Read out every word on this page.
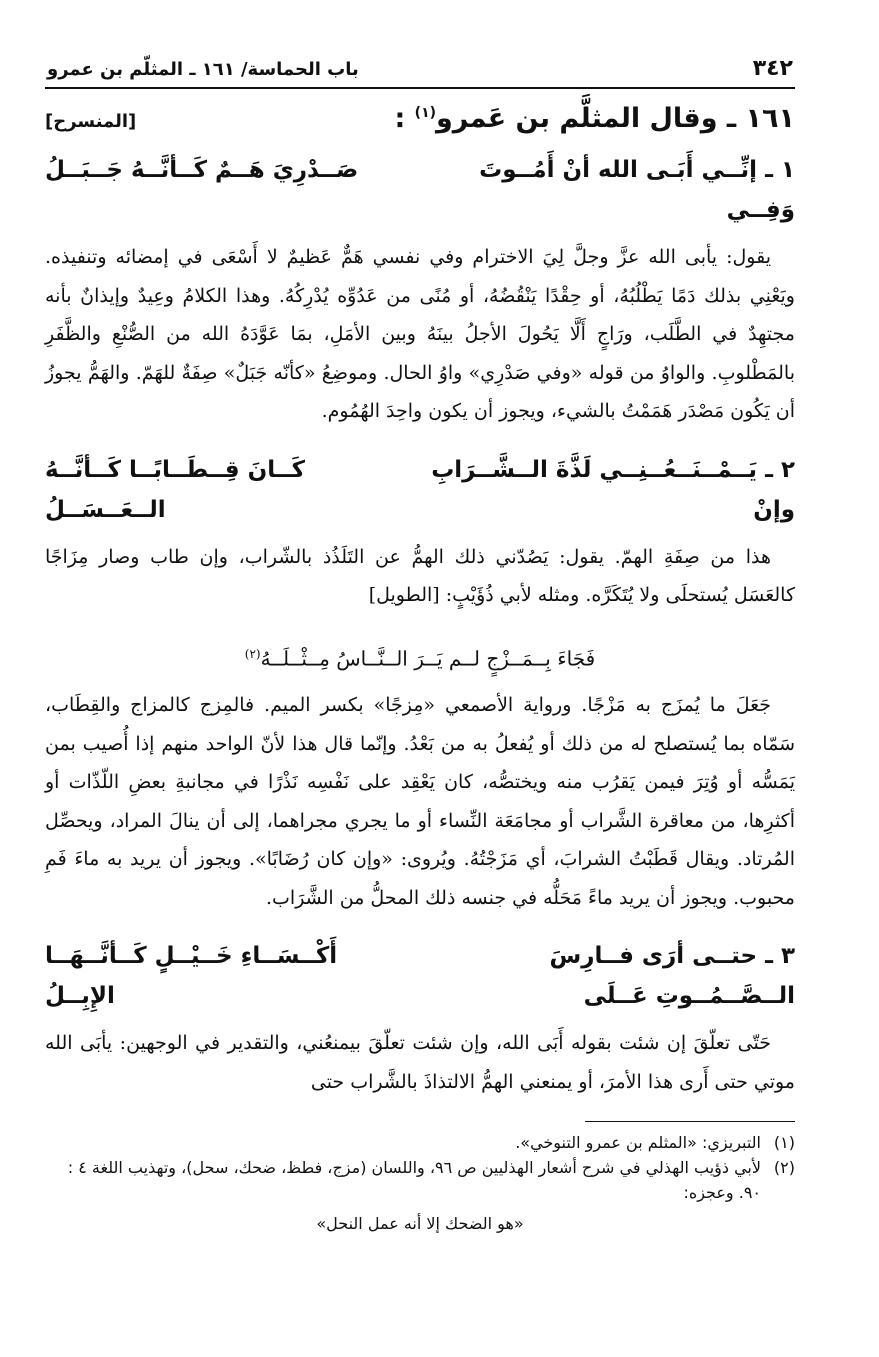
٣٤٢
باب الحماسة/ ١٦١ ـ المثلّم بن عمرو
١٦١ ـ وقال المثلَّم بن عَمرو$^{(١)}$ :
[المنسرح]
١ ـ إنِّــي أَبَـى الله أنْ أَمُــوتَ وَفِــي
صَــدْرِيَ هَــمٌ كَــأنَّــهُ جَــبَــلُ

يقول: يأبى الله عزَّ وجلَّ لِيَ الاخترام وفي نفسي هَمٌّ عَظيمٌ لا أَسْعَى في إمضائه وتنفيذه. ويَعْنِي بذلك دَمًا يَطْلُبُهُ، أو حِقْدًا يَنْقُضُهُ، أو مُنًى من عَدُوِّه يُدْرِكُهُ. وهذا الكلامُ وعِيدٌ وإيذانٌ بأنه مجتهِدٌ في الطَّلَب، ورَاجٍ أَلَّا يَحُولَ الأجلُ بينَهُ وبين الأمَلِ، بمَا عَوَّدَهُ الله من الصُّنْعِ والظَّفَرِ بالمَطْلوبِ. والواوُ من قوله «وفي صَدْرِي» واوُ الحال. وموضِعُ «كأنّه جَبَلٌ» صِفَةٌ للهَمّ. والهَمُّ يجوزُ أن يَكُون مَصْدَر هَمَمْتُ بالشيء، ويجوز أن يكون واحِدَ الهُمُوم.

٢ ـ يَــمْــنَــعُــنِــي لَذَّةَ الــشَّــرَابِ وإنْ
كَــانَ قِــطَــابًــا كَــأنَّــهُ الــعَــسَــلُ

هذا من صِفَةِ الهمّ. يقول: يَصُدّني ذلك الهمُّ عن التَلَذُذ بالشّراب، وإن طاب وصار مِزَاجًا كالعَسَل يُستحلَى ولا يُتَكَرَّه. ومثله لأبي ذُؤَيْبٍ: [الطويل]

فَجَاءَ بِــمَــزْجٍ لــم يَــرَ الــنَّــاسُ مِــثْــلَــهُ$^{(٢)}$

جَعَلَ ما يُمزَج به مَزْجًا. ورواية الأصمعي «مِزجًا» بكسر الميم. فالمِزج كالمزاج والقِطَاب، سَمّاه بما يُستصلح له من ذلك أو يُفعلُ به من بَعْدُ. وإنّما قال هذا لأنّ الواحد منهم إذا أُصيب بمن يَمَسُّه أو وُتِرَ فيمن يَقرُب منه ويختصُّه، كان يَعْقِد على نَفْسِه نَذْرًا في مجانبةِ بعضِ اللّذّات أو أكثرِها، من معاقرة الشَّراب أو مجامَعَة النِّساء أو ما يجري مجراهما، إلى أن ينالَ المراد، ويحصِّل المُرتاد. ويقال قَطَبْتُ الشرابَ، أي مَزَجْتُهُ. ويُروى: «وإن كان رُضَابًا». ويجوز أن يريد به ماءَ فَمِ محبوب. ويجوز أن يريد ماءً مَحَلُّه في جنسه ذلك المحلُّ من الشَّرَاب.

٣ ـ حتــى أرَى فــارِسَ الــصَّــمُــوتِ عَــلَى
أَكْــسَــاءِ خَــيْــلٍ كَــأنَّــهَــا الإِبِــلُ

حَتّى تعلّقَ إن شئت بقوله أَبَى الله، وإن شئت تعلّقَ بيمنعُني، والتقدير في الوجهين: يأبَى الله موتي حتى أَرى هذا الأمرَ، أو يمنعني الهمُّ الالتذاذَ بالشَّراب حتى

(١)
التبريزي: «المثلم بن عمرو التنوخي».
(٢)
لأبي ذؤيب الهذلي في شرح أشعار الهذليين ص ٩٦، واللسان (مزج، فطظ، ضحك، سحل)، وتهذيب اللغة ٤ : ٩٠. وعجزه:
«هو الضحك إلا أنه عمل النحل»
